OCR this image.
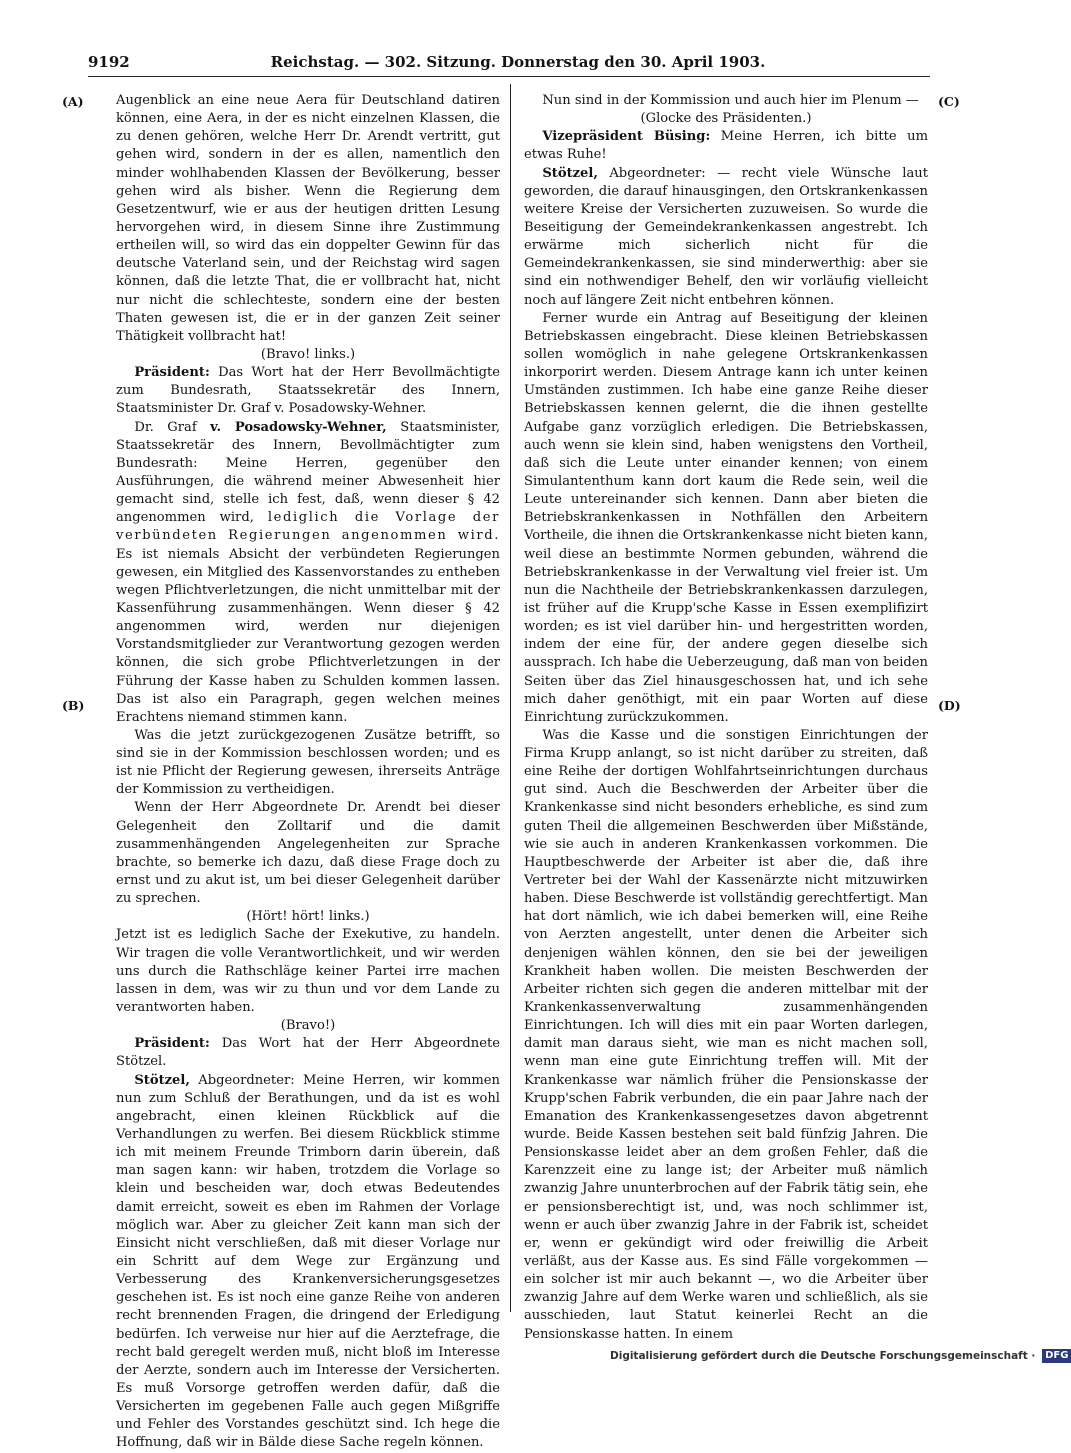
9192	Reichstag. — 302. Sitzung. Donnerstag den 30. April 1903.
(A)
(B)
(C)
(D)

Augenblick an eine neue Aera für Deutschland datiren können, eine Aera, in der es nicht einzelnen Klassen, die zu denen gehören, welche Herr Dr. Arendt vertritt, gut gehen wird, sondern in der es allen, namentlich den minder wohlhabenden Klassen der Bevölkerung, besser gehen wird als bisher. Wenn die Regierung dem Gesetzentwurf, wie er aus der heutigen dritten Lesung hervorgehen wird, in diesem Sinne ihre Zustimmung ertheilen will, so wird das ein doppelter Gewinn für das deutsche Vaterland sein, und der Reichstag wird sagen können, daß die letzte That, die er vollbracht hat, nicht nur nicht die schlechteste, sondern eine der besten Thaten gewesen ist, die er in der ganzen Zeit seiner Thätigkeit vollbracht hat!

(Bravo! links.)

Präsident: Das Wort hat der Herr Bevollmächtigte zum Bundesrath, Staatssekretär des Innern, Staatsminister Dr. Graf v. Posadowsky-Wehner.

Dr. Graf v. Posadowsky-Wehner, Staatsminister, Staatssekretär des Innern, Bevollmächtigter zum Bundesrath: Meine Herren, gegenüber den Ausführungen, die während meiner Abwesenheit hier gemacht sind, stelle ich fest, daß, wenn dieser § 42 angenommen wird, lediglich die Vorlage der verbündeten Regierungen angenommen wird. Es ist niemals Absicht der verbündeten Regierungen gewesen, ein Mitglied des Kassenvorstandes zu entheben wegen Pflichtverletzungen, die nicht unmittelbar mit der Kassenführung zusammenhängen. Wenn dieser § 42 angenommen wird, werden nur diejenigen Vorstandsmitglieder zur Verantwortung gezogen werden können, die sich grobe Pflichtverletzungen in der Führung der Kasse haben zu Schulden kommen lassen. Das ist also ein Paragraph, gegen welchen meines Erachtens niemand stimmen kann.

Was die jetzt zurückgezogenen Zusätze betrifft, so sind sie in der Kommission beschlossen worden; und es ist nie Pflicht der Regierung gewesen, ihrerseits Anträge der Kommission zu vertheidigen.

Wenn der Herr Abgeordnete Dr. Arendt bei dieser Gelegenheit den Zolltarif und die damit zusammenhängenden Angelegenheiten zur Sprache brachte, so bemerke ich dazu, daß diese Frage doch zu ernst und zu akut ist, um bei dieser Gelegenheit darüber zu sprechen.

(Hört! hört! links.)

Jetzt ist es lediglich Sache der Exekutive, zu handeln. Wir tragen die volle Verantwortlichkeit, und wir werden uns durch die Rathschläge keiner Partei irre machen lassen in dem, was wir zu thun und vor dem Lande zu verantworten haben.

(Bravo!)

Präsident: Das Wort hat der Herr Abgeordnete Stötzel.

Stötzel, Abgeordneter: Meine Herren, wir kommen nun zum Schluß der Berathungen, und da ist es wohl angebracht, einen kleinen Rückblick auf die Verhandlungen zu werfen. Bei diesem Rückblick stimme ich mit meinem Freunde Trimborn darin überein, daß man sagen kann: wir haben, trotzdem die Vorlage so klein und bescheiden war, doch etwas Bedeutendes damit erreicht, soweit es eben im Rahmen der Vorlage möglich war. Aber zu gleicher Zeit kann man sich der Einsicht nicht verschließen, daß mit dieser Vorlage nur ein Schritt auf dem Wege zur Ergänzung und Verbesserung des Krankenversicherungsgesetzes geschehen ist. Es ist noch eine ganze Reihe von anderen recht brennenden Fragen, die dringend der Erledigung bedürfen. Ich verweise nur hier auf die Aerztefrage, die recht bald geregelt werden muß, nicht bloß im Interesse der Aerzte, sondern auch im Interesse der Versicherten. Es muß Vorsorge getroffen werden dafür, daß die Versicherten im gegebenen Falle auch gegen Mißgriffe und Fehler des Vorstandes geschützt sind. Ich hege die Hoffnung, daß wir in Bälde diese Sache regeln können.

Nun sind in der Kommission und auch hier im Plenum —

(Glocke des Präsidenten.)

Vizepräsident Büsing: Meine Herren, ich bitte um etwas Ruhe!

Stötzel, Abgeordneter: — recht viele Wünsche laut geworden, die darauf hinausgingen, den Ortskrankenkassen weitere Kreise der Versicherten zuzuweisen. So wurde die Beseitigung der Gemeindekrankenkassen angestrebt. Ich erwärme mich sicherlich nicht für die Gemeindekrankenkassen, sie sind minderwerthig: aber sie sind ein nothwendiger Behelf, den wir vorläufig vielleicht noch auf längere Zeit nicht entbehren können.

Ferner wurde ein Antrag auf Beseitigung der kleinen Betriebskassen eingebracht. Diese kleinen Betriebskassen sollen womöglich in nahe gelegene Ortskrankenkassen inkorporirt werden. Diesem Antrage kann ich unter keinen Umständen zustimmen. Ich habe eine ganze Reihe dieser Betriebskassen kennen gelernt, die die ihnen gestellte Aufgabe ganz vorzüglich erledigen. Die Betriebskassen, auch wenn sie klein sind, haben wenigstens den Vortheil, daß sich die Leute unter einander kennen; von einem Simulantenthum kann dort kaum die Rede sein, weil die Leute untereinander sich kennen. Dann aber bieten die Betriebskrankenkassen in Nothfällen den Arbeitern Vortheile, die ihnen die Ortskrankenkasse nicht bieten kann, weil diese an bestimmte Normen gebunden, während die Betriebskrankenkasse in der Verwaltung viel freier ist. Um nun die Nachtheile der Betriebskrankenkassen darzulegen, ist früher auf die Krupp'sche Kasse in Essen exemplifizirt worden; es ist viel darüber hin- und hergestritten worden, indem der eine für, der andere gegen dieselbe sich aussprach. Ich habe die Ueberzeugung, daß man von beiden Seiten über das Ziel hinausgeschossen hat, und ich sehe mich daher genöthigt, mit ein paar Worten auf diese Einrichtung zurückzukommen.

Was die Kasse und die sonstigen Einrichtungen der Firma Krupp anlangt, so ist nicht darüber zu streiten, daß eine Reihe der dortigen Wohlfahrtseinrichtungen durchaus gut sind. Auch die Beschwerden der Arbeiter über die Krankenkasse sind nicht besonders erhebliche, es sind zum guten Theil die allgemeinen Beschwerden über Mißstände, wie sie auch in anderen Krankenkassen vorkommen. Die Hauptbeschwerde der Arbeiter ist aber die, daß ihre Vertreter bei der Wahl der Kassenärzte nicht mitzuwirken haben. Diese Beschwerde ist vollständig gerechtfertigt. Man hat dort nämlich, wie ich dabei bemerken will, eine Reihe von Aerzten angestellt, unter denen die Arbeiter sich denjenigen wählen können, den sie bei der jeweiligen Krankheit haben wollen. Die meisten Beschwerden der Arbeiter richten sich gegen die anderen mittelbar mit der Krankenkassenverwaltung zusammenhängenden Einrichtungen. Ich will dies mit ein paar Worten darlegen, damit man daraus sieht, wie man es nicht machen soll, wenn man eine gute Einrichtung treffen will. Mit der Krankenkasse war nämlich früher die Pensionskasse der Krupp'schen Fabrik verbunden, die ein paar Jahre nach der Emanation des Krankenkassengesetzes davon abgetrennt wurde. Beide Kassen bestehen seit bald fünfzig Jahren. Die Pensionskasse leidet aber an dem großen Fehler, daß die Karenzzeit eine zu lange ist; der Arbeiter muß nämlich zwanzig Jahre ununterbrochen auf der Fabrik tätig sein, ehe er pensionsberechtigt ist, und, was noch schlimmer ist, wenn er auch über zwanzig Jahre in der Fabrik ist, scheidet er, wenn er gekündigt wird oder freiwillig die Arbeit verläßt, aus der Kasse aus. Es sind Fälle vorgekommen — ein solcher ist mir auch bekannt —, wo die Arbeiter über zwanzig Jahre auf dem Werke waren und schließlich, als sie ausschieden, laut Statut keinerlei Recht an die Pensionskasse hatten. In einem

Digitalisierung gefördert durch die Deutsche Forschungsgemeinschaft · DFG
